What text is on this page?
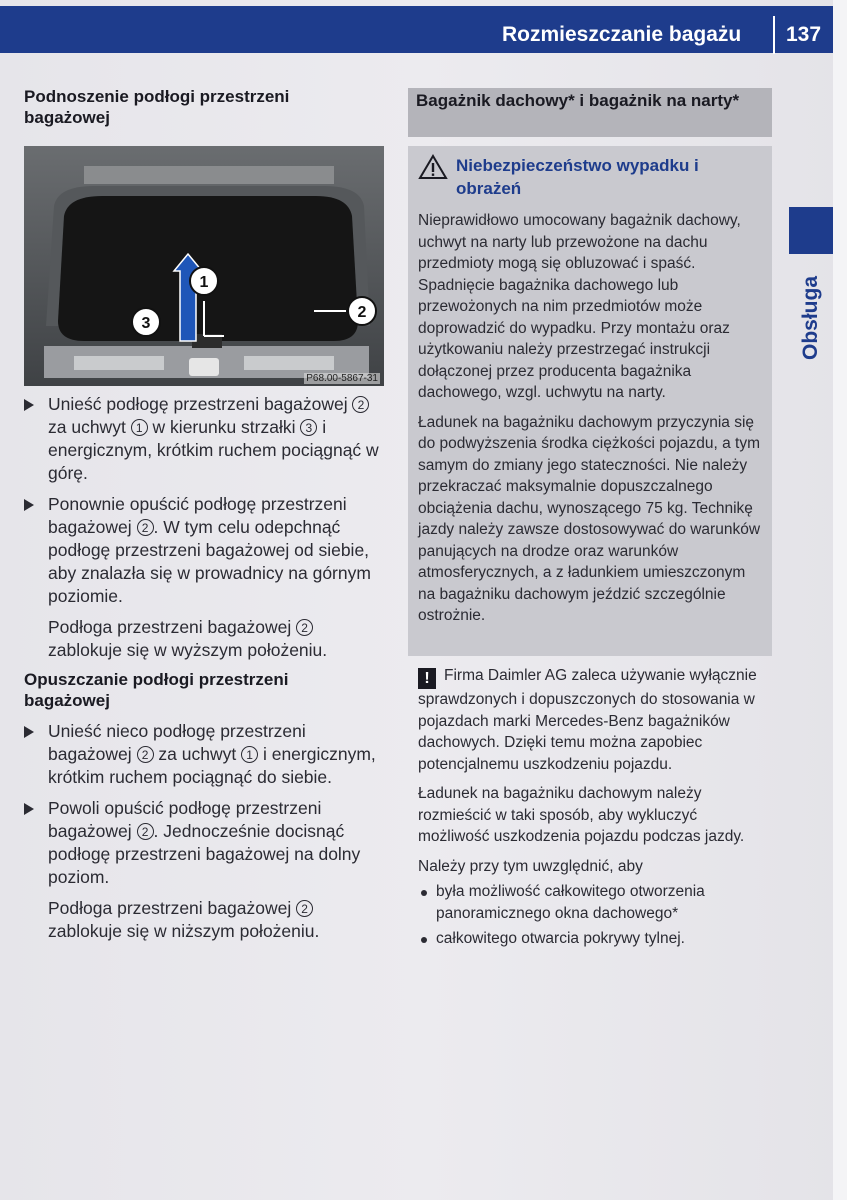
Rozmieszczanie bagażu 137
Obsługa
Podnoszenie podłogi przestrzeni bagażowej
1
3
2
P68.00-5867-31

Unieść podłogę przestrzeni bagażowej 2 za uchwyt 1 w kierunku strzałki 3 i energicznym, krótkim ruchem pociągnąć w górę.

Ponownie opuścić podłogę przestrzeni bagażowej 2 . W tym celu odepchnąć podłogę przestrzeni bagażowej od siebie, aby znalazła się w prowadnicy na górnym poziomie.

Podłoga przestrzeni bagażowej 2 zablokuje się w wyższym położeniu.

Opuszczanie podłogi przestrzeni bagażowej

Unieść nieco podłogę przestrzeni bagażowej 2 za uchwyt 1 i energicznym, krótkim ruchem pociągnąć do siebie.

Powoli opuścić podłogę przestrzeni bagażowej 2 . Jednocześnie docisnąć podłogę przestrzeni bagażowej na dolny poziom.

Podłoga przestrzeni bagażowej 2 zablokuje się w niższym położeniu.

Bagażnik dachowy* i bagażnik na narty*
Niebezpieczeństwo wypadku i obrażeń

Nieprawidłowo umocowany bagażnik dachowy, uchwyt na narty lub przewożone na dachu przedmioty mogą się obluzować i spaść. Spadnięcie bagażnika dachowego lub przewożonych na nim przedmiotów może doprowadzić do wypadku. Przy montażu oraz użytkowaniu należy przestrzegać instrukcji dołączonej przez producenta bagażnika dachowego, wzgl. uchwytu na narty.

Ładunek na bagażniku dachowym przyczynia się do podwyższenia środka ciężkości pojazdu, a tym samym do zmiany jego stateczności. Nie należy przekraczać maksymalnie dopuszczalnego obciążenia dachu, wynoszącego 75 kg. Technikę jazdy należy zawsze dostosowywać do warunków panujących na drodze oraz warunków atmosferycznych, a z ładunkiem umieszczonym na bagażniku dachowym jeździć szczególnie ostrożnie.

! Firma Daimler AG zaleca używanie wyłącznie sprawdzonych i dopuszczonych do stosowania w pojazdach marki Mercedes-Benz bagażników dachowych. Dzięki temu można zapobiec potencjalnemu uszkodzeniu pojazdu.

Ładunek na bagażniku dachowym należy rozmieścić w taki sposób, aby wykluczyć możliwość uszkodzenia pojazdu podczas jazdy.

Należy przy tym uwzględnić, aby

była możliwość całkowitego otworzenia panoramicznego okna dachowego*

całkowitego otwarcia pokrywy tylnej.
